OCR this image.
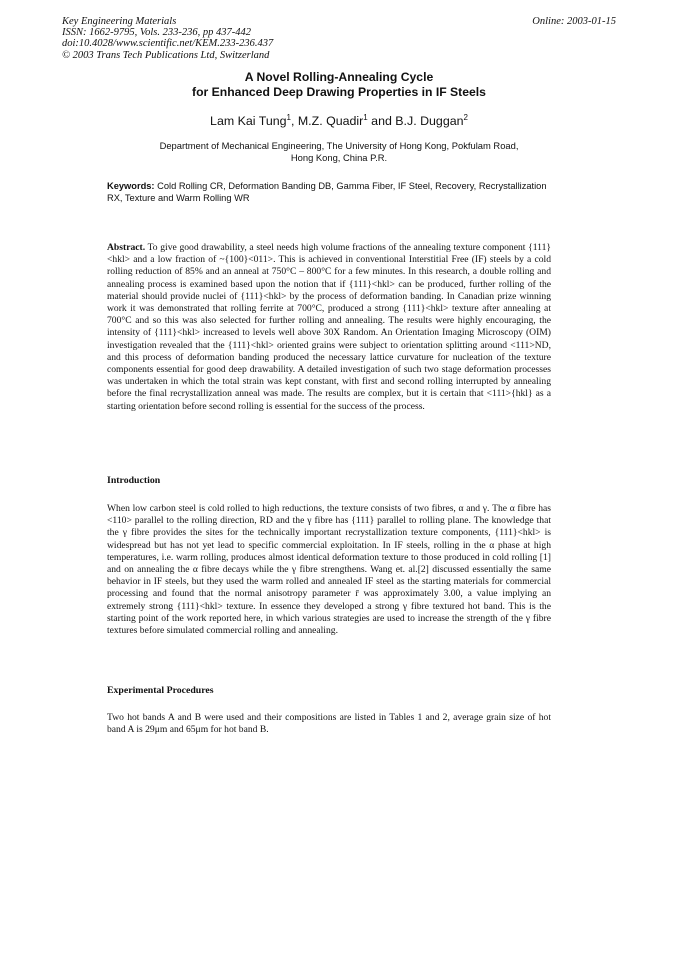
Key Engineering Materials
ISSN: 1662-9795, Vols. 233-236, pp 437-442
doi:10.4028/www.scientific.net/KEM.233-236.437
© 2003 Trans Tech Publications Ltd, Switzerland
Online: 2003-01-15
A Novel Rolling-Annealing Cycle
for Enhanced Deep Drawing Properties in IF Steels
Lam Kai Tung$^1$, M.Z. Quadir$^1$ and B.J. Duggan$^2$
Department of Mechanical Engineering, The University of Hong Kong, Pokfulam Road,
Hong Kong, China P.R.
Keywords: Cold Rolling CR, Deformation Banding DB, Gamma Fiber, IF Steel, Recovery, Recrystallization RX, Texture and Warm Rolling WR
Abstract. To give good drawability, a steel needs high volume fractions of the annealing texture component {111}<hkl> and a low fraction of ~{100}<011>. This is achieved in conventional Interstitial Free (IF) steels by a cold rolling reduction of 85% and an anneal at 750°C – 800°C for a few minutes. In this research, a double rolling and annealing process is examined based upon the notion that if {111}<hkl> can be produced, further rolling of the material should provide nuclei of {111}<hkl> by the process of deformation banding. In Canadian prize winning work it was demonstrated that rolling ferrite at 700°C, produced a strong {111}<hkl> texture after annealing at 700°C and so this was also selected for further rolling and annealing. The results were highly encouraging, the intensity of {111}<hkl> increased to levels well above 30X Random. An Orientation Imaging Microscopy (OIM) investigation revealed that the {111}<hkl> oriented grains were subject to orientation splitting around <111>ND, and this process of deformation banding produced the necessary lattice curvature for nucleation of the texture components essential for good deep drawability. A detailed investigation of such two stage deformation processes was undertaken in which the total strain was kept constant, with first and second rolling interrupted by annealing before the final recrystallization anneal was made. The results are complex, but it is certain that <111>{hkl} as a starting orientation before second rolling is essential for the success of the process.
Introduction
When low carbon steel is cold rolled to high reductions, the texture consists of two fibres, α and γ. The α fibre has <110> parallel to the rolling direction, RD and the γ fibre has {111} parallel to rolling plane. The knowledge that the γ fibre provides the sites for the technically important recrystallization texture components, {111}<hkl> is widespread but has not yet lead to specific commercial exploitation. In IF steels, rolling in the α phase at high temperatures, i.e. warm rolling, produces almost identical deformation texture to those produced in cold rolling [1] and on annealing the α fibre decays while the γ fibre strengthens. Wang et. al.[2] discussed essentially the same behavior in IF steels, but they used the warm rolled and annealed IF steel as the starting materials for commercial processing and found that the normal anisotropy parameter r̄ was approximately 3.00, a value implying an extremely strong {111}<hkl> texture. In essence they developed a strong γ fibre textured hot band. This is the starting point of the work reported here, in which various strategies are used to increase the strength of the γ fibre textures before simulated commercial rolling and annealing.
Experimental Procedures
Two hot bands A and B were used and their compositions are listed in Tables 1 and 2, average grain size of hot band A is 29μm and 65μm for hot band B.
